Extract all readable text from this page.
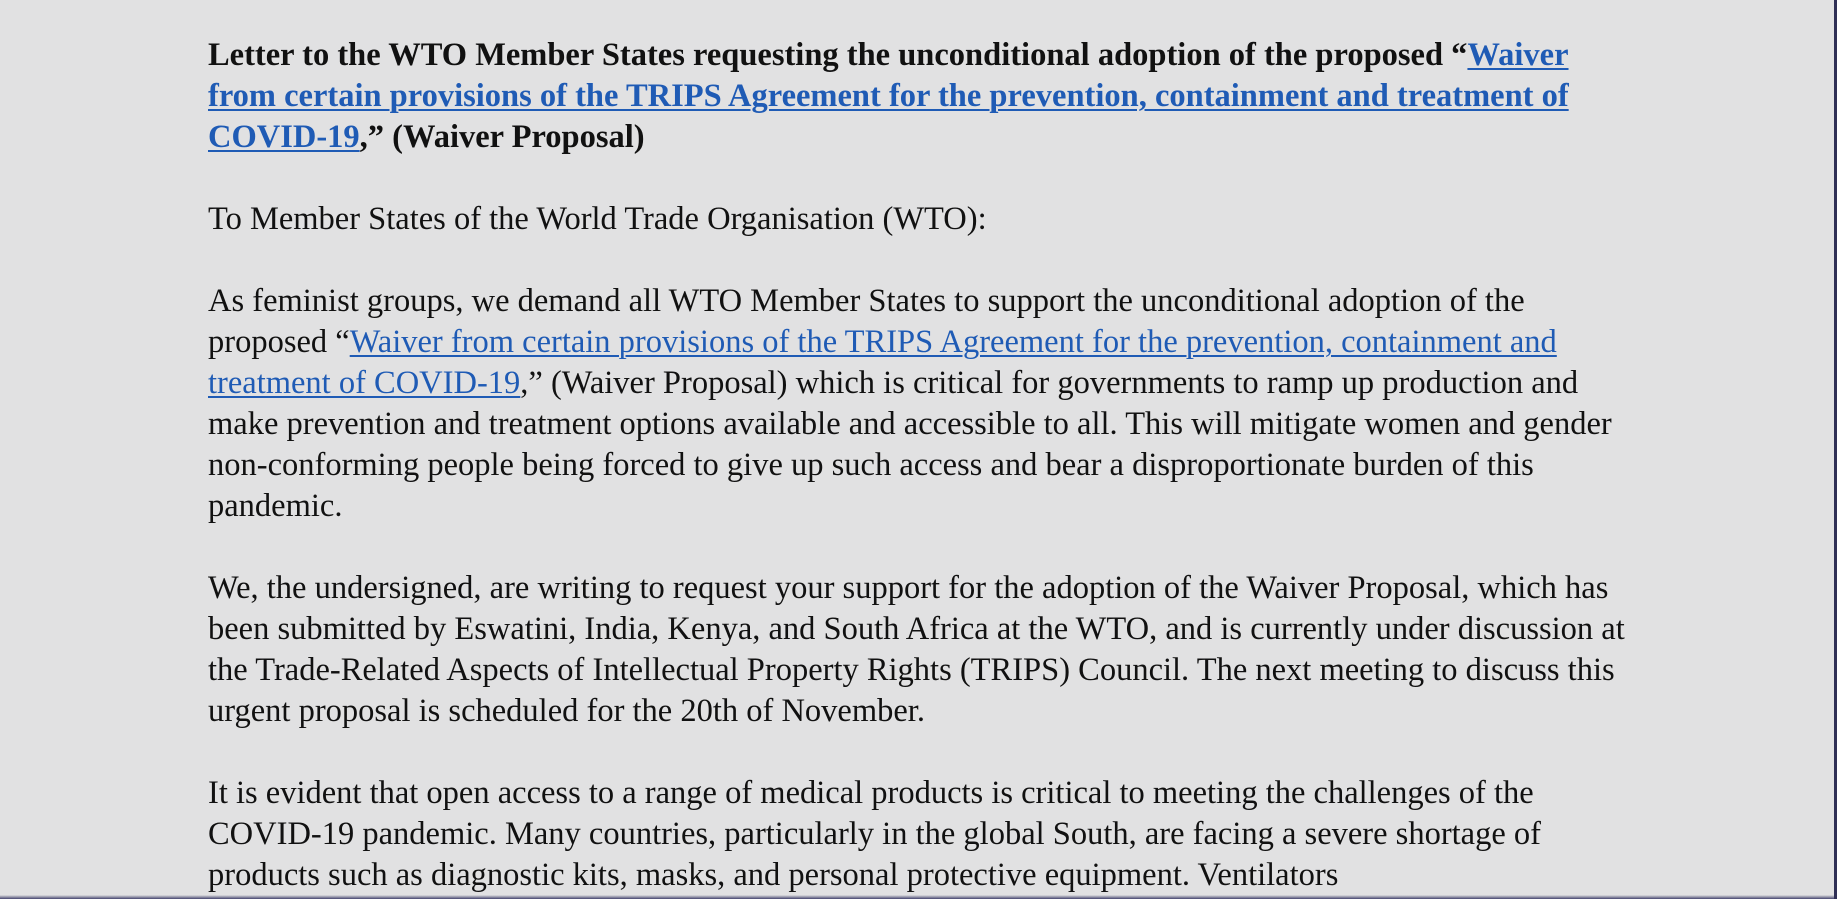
Letter to the WTO Member States requesting the unconditional adoption of the proposed “Waiver from certain provisions of the TRIPS Agreement for the prevention, containment and treatment of COVID-19,” (Waiver Proposal)

To Member States of the World Trade Organisation (WTO):

As feminist groups, we demand all WTO Member States to support the unconditional adoption of the proposed “Waiver from certain provisions of the TRIPS Agreement for the prevention, containment and treatment of COVID-19,” (Waiver Proposal) which is critical for governments to ramp up production and make prevention and treatment options available and accessible to all. This will mitigate women and gender non-conforming people being forced to give up such access and bear a disproportionate burden of this pandemic.

We, the undersigned, are writing to request your support for the adoption of the Waiver Proposal, which has been submitted by Eswatini, India, Kenya, and South Africa at the WTO, and is currently under discussion at the Trade-Related Aspects of Intellectual Property Rights (TRIPS) Council. The next meeting to discuss this urgent proposal is scheduled for the 20th of November.

It is evident that open access to a range of medical products is critical to meeting the challenges of the COVID-19 pandemic. Many countries, particularly in the global South, are facing a severe shortage of products such as diagnostic kits, masks, and personal protective equipment. Ventilators
